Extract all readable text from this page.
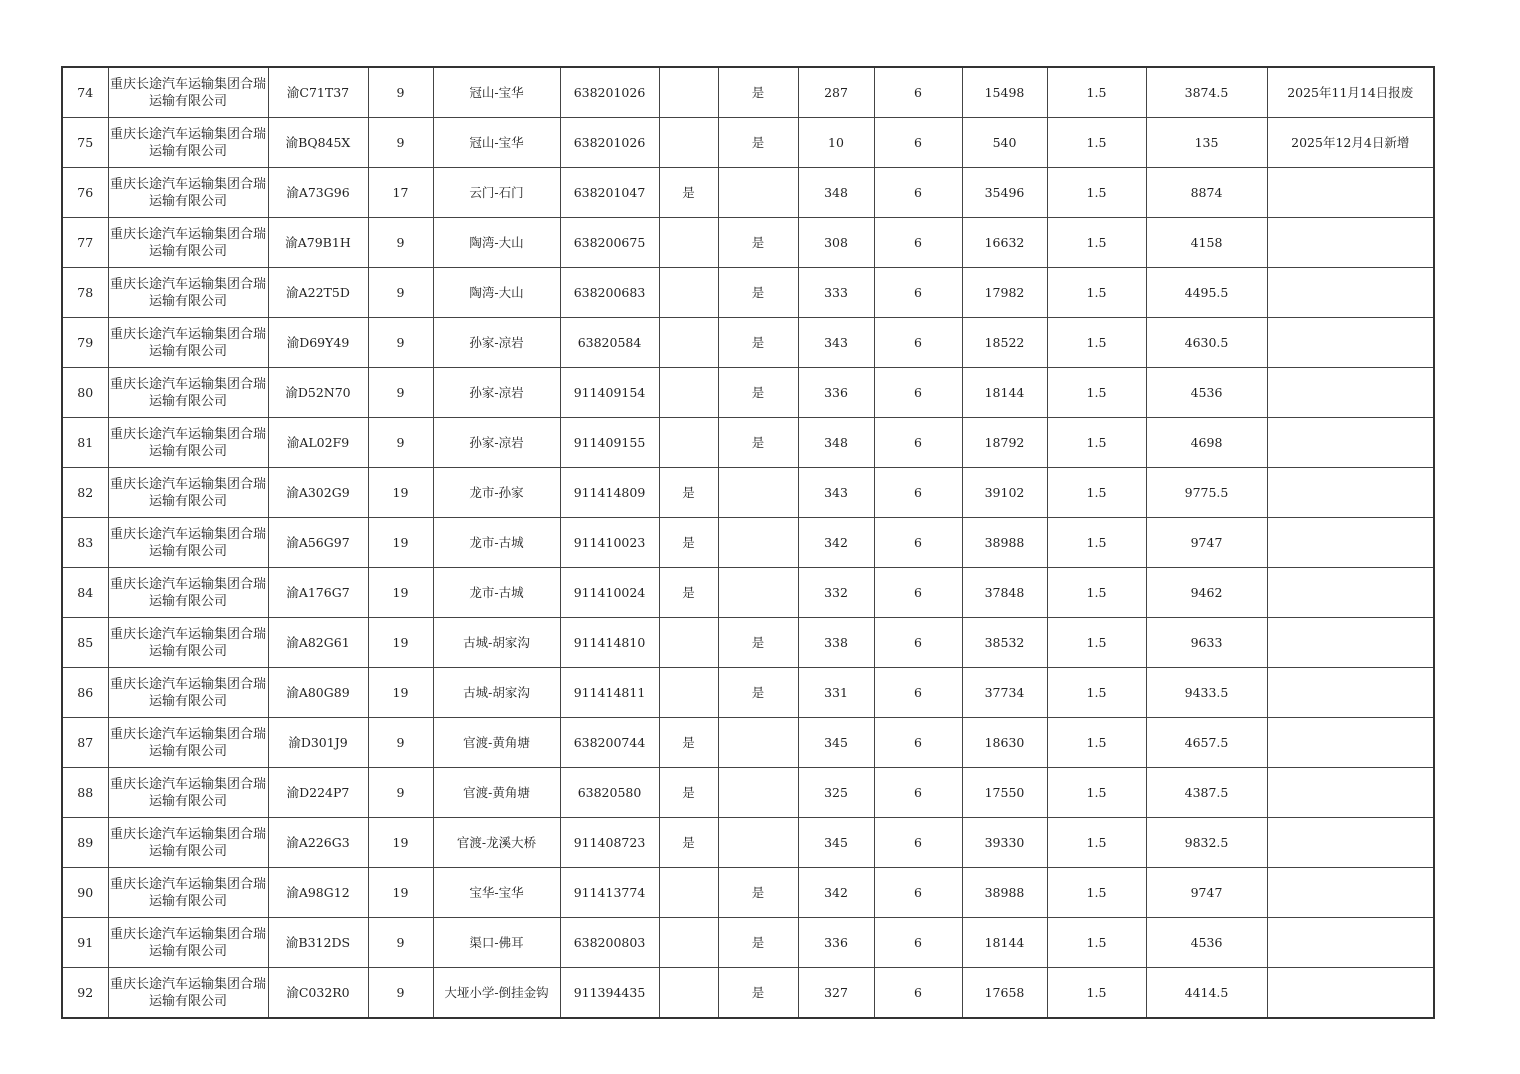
74	重庆长途汽车运输集团合瑞运输有限公司	渝C71T37	9	冠山-宝华	638201026		是	287	6	15498	1.5	3874.5	2025年11月14日报废
75	重庆长途汽车运输集团合瑞运输有限公司	渝BQ845X	9	冠山-宝华	638201026		是	10	6	540	1.5	135	2025年12月4日新增
76	重庆长途汽车运输集团合瑞运输有限公司	渝A73G96	17	云门-石门	638201047	是		348	6	35496	1.5	8874	
77	重庆长途汽车运输集团合瑞运输有限公司	渝A79B1H	9	陶湾-大山	638200675		是	308	6	16632	1.5	4158	
78	重庆长途汽车运输集团合瑞运输有限公司	渝A22T5D	9	陶湾-大山	638200683		是	333	6	17982	1.5	4495.5	
79	重庆长途汽车运输集团合瑞运输有限公司	渝D69Y49	9	孙家-凉岩	63820584		是	343	6	18522	1.5	4630.5	
80	重庆长途汽车运输集团合瑞运输有限公司	渝D52N70	9	孙家-凉岩	911409154		是	336	6	18144	1.5	4536	
81	重庆长途汽车运输集团合瑞运输有限公司	渝AL02F9	9	孙家-凉岩	911409155		是	348	6	18792	1.5	4698	
82	重庆长途汽车运输集团合瑞运输有限公司	渝A302G9	19	龙市-孙家	911414809	是		343	6	39102	1.5	9775.5	
83	重庆长途汽车运输集团合瑞运输有限公司	渝A56G97	19	龙市-古城	911410023	是		342	6	38988	1.5	9747	
84	重庆长途汽车运输集团合瑞运输有限公司	渝A176G7	19	龙市-古城	911410024	是		332	6	37848	1.5	9462	
85	重庆长途汽车运输集团合瑞运输有限公司	渝A82G61	19	古城-胡家沟	911414810		是	338	6	38532	1.5	9633	
86	重庆长途汽车运输集团合瑞运输有限公司	渝A80G89	19	古城-胡家沟	911414811		是	331	6	37734	1.5	9433.5	
87	重庆长途汽车运输集团合瑞运输有限公司	渝D301J9	9	官渡-黄角塘	638200744	是		345	6	18630	1.5	4657.5	
88	重庆长途汽车运输集团合瑞运输有限公司	渝D224P7	9	官渡-黄角塘	63820580	是		325	6	17550	1.5	4387.5	
89	重庆长途汽车运输集团合瑞运输有限公司	渝A226G3	19	官渡-龙溪大桥	911408723	是		345	6	39330	1.5	9832.5	
90	重庆长途汽车运输集团合瑞运输有限公司	渝A98G12	19	宝华-宝华	911413774		是	342	6	38988	1.5	9747	
91	重庆长途汽车运输集团合瑞运输有限公司	渝B312DS	9	渠口-佛耳	638200803		是	336	6	18144	1.5	4536	
92	重庆长途汽车运输集团合瑞运输有限公司	渝C032R0	9	大垭小学-倒挂金钩	911394435		是	327	6	17658	1.5	4414.5	
